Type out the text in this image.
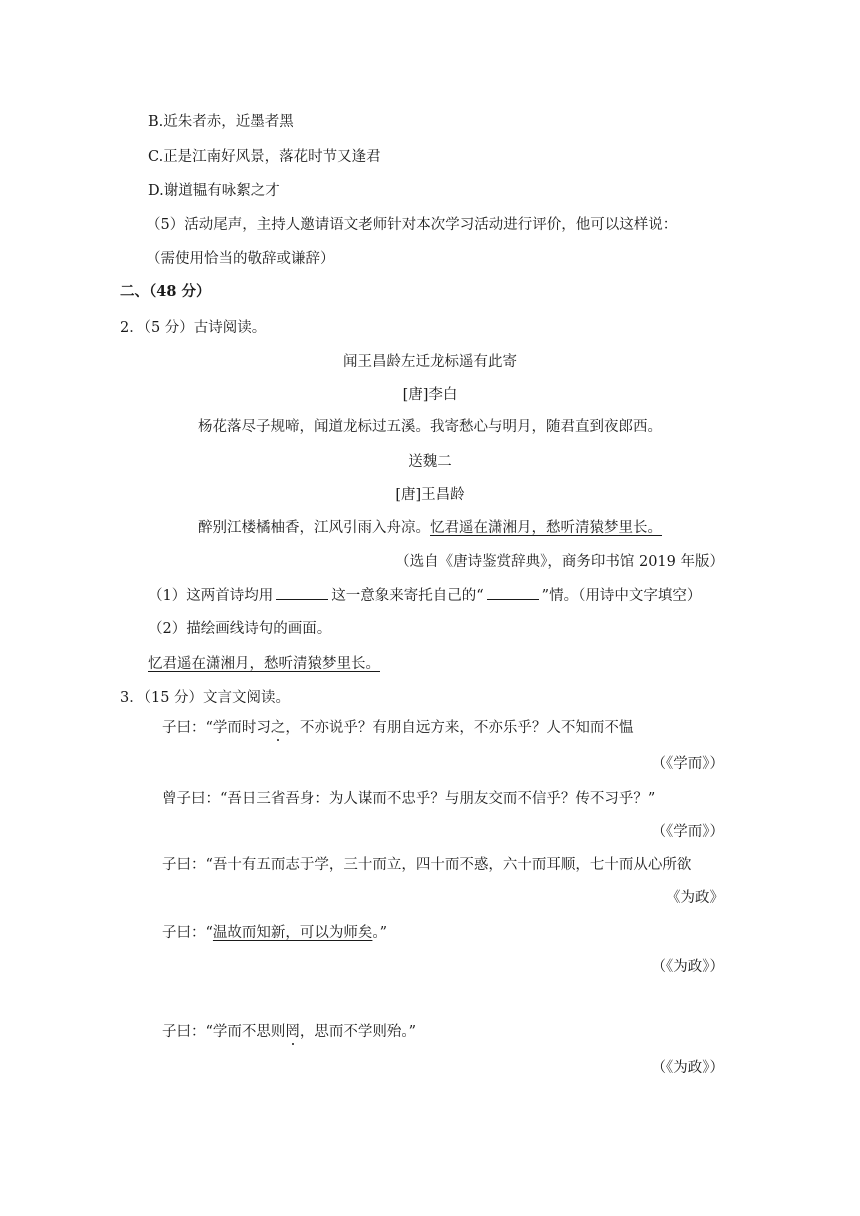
B.近朱者赤，近墨者黑
C.正是江南好风景，落花时节又逢君
D.谢道韫有咏絮之才
（5）活动尾声，主持人邀请语文老师针对本次学习活动进行评价，他可以这样说：
（需使用恰当的敬辞或谦辞）
二、（48 分）
2．（5 分）古诗阅读。
闻王昌龄左迁龙标遥有此寄
[唐]李白
杨花落尽子规啼，闻道龙标过五溪。我寄愁心与明月，随君直到夜郎西。
送魏二
[唐]王昌龄
醉别江楼橘柚香，江风引雨入舟凉。忆君遥在潇湘月，愁听清猿梦里长。
（选自《唐诗鉴赏辞典》，商务印书馆 2019 年版）
（1）这两首诗均用	这一意象来寄托自己的“	”情。（用诗中文字填空）
（2）描绘画线诗句的画面。
忆君遥在潇湘月，愁听清猿梦里长。
3．（15 分）文言文阅读。
子曰：“学而时习之，不亦说乎？有朋自远方来，不亦乐乎？人不知而不愠
（《学而》）
曾子曰：“吾日三省吾身：为人谋而不忠乎？与朋友交而不信乎？传不习乎？”
（《学而》）
子曰：“吾十有五而志于学，三十而立，四十而不惑，六十而耳顺，七十而从心所欲
《为政》
子曰：“温故而知新，可以为师矣。”
（《为政》）
子曰：“学而不思则罔，思而不学则殆。”
（《为政》）
